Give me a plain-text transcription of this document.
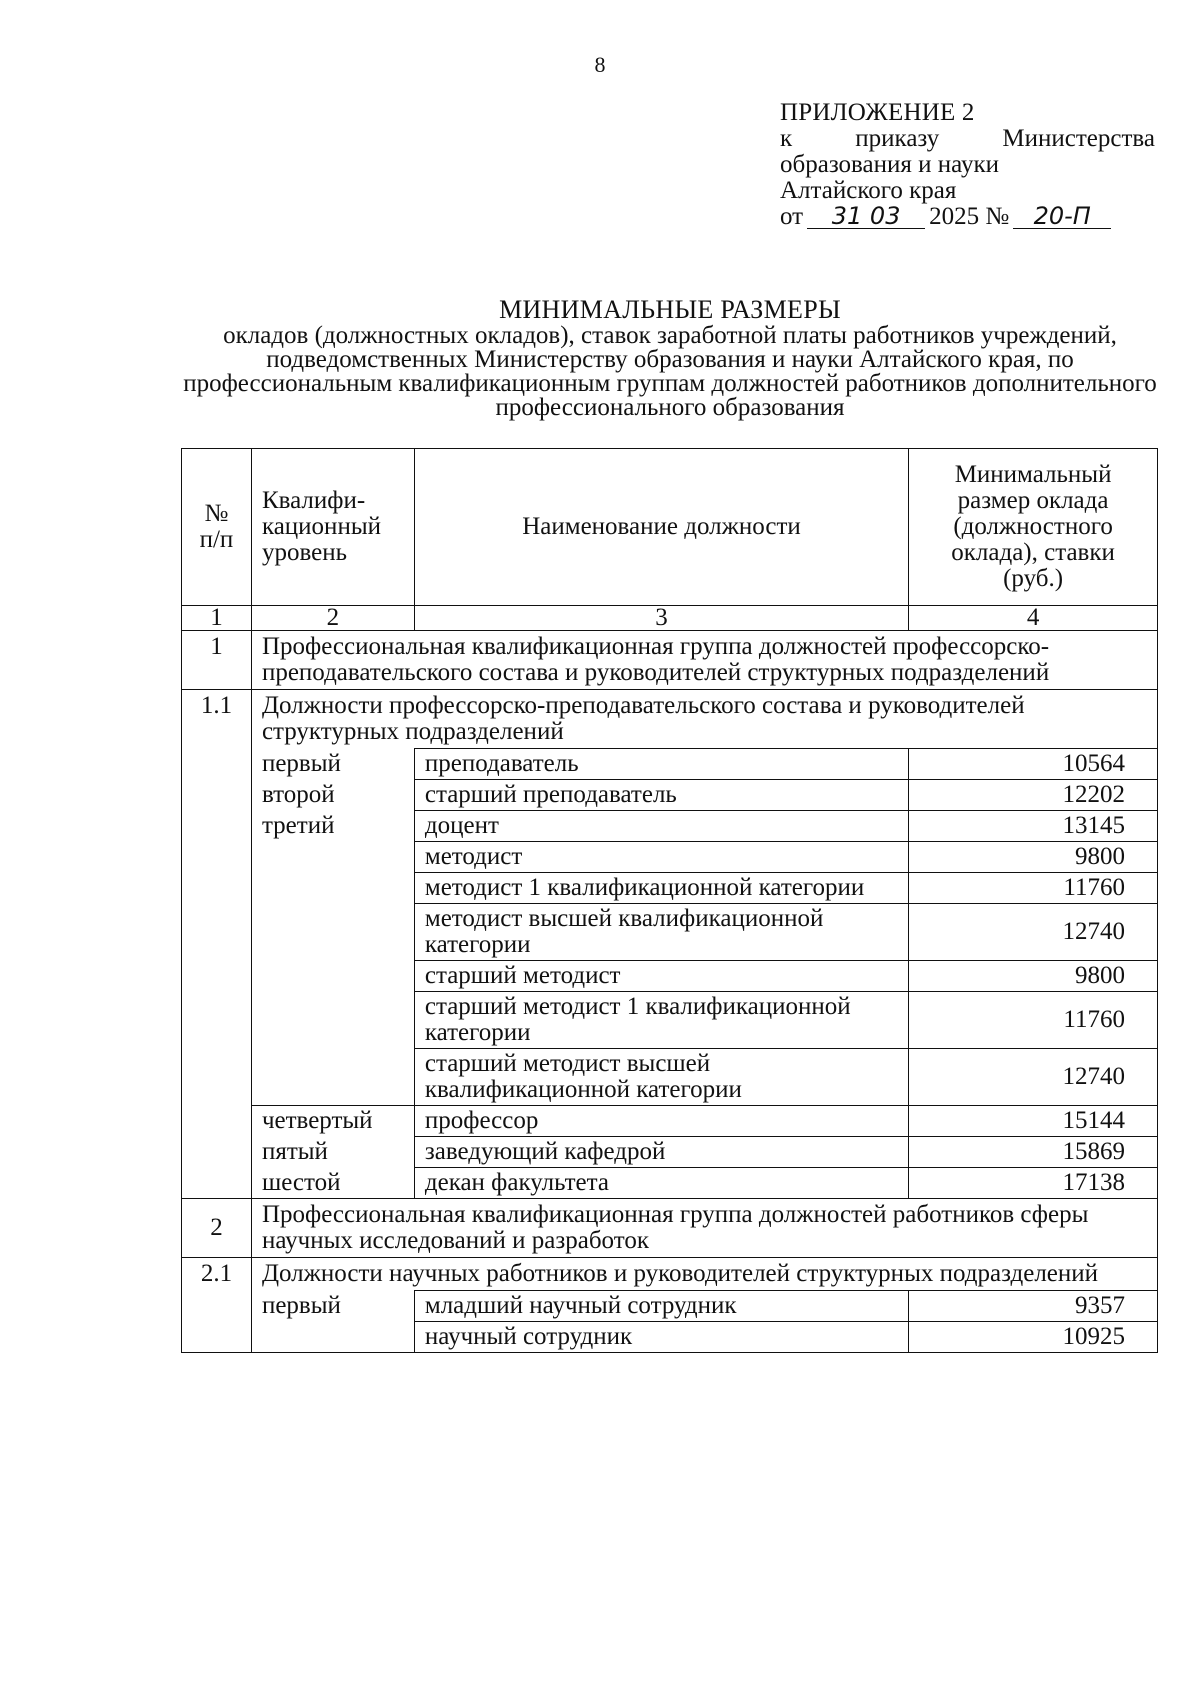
8
ПРИЛОЖЕНИЕ 2
к	приказу	Министерства
образования и науки
Алтайского края
от	31 03	2025 №	20-П
МИНИМАЛЬНЫЕ РАЗМЕРЫ
окладов (должностных окладов), ставок заработной платы работников учреждений, подведомственных Министерству образования и науки Алтайского края, по профессиональным квалификационным группам должностей работников дополнительного профессионального образования
№ п/п	Квалифи-кационный уровень	Наименование должности	Минимальный размер оклада (должностного оклада), ставки (руб.)
1	2	3	4
1	Профессиональная квалификационная группа должностей профессорско-преподавательского состава и руководителей структурных подразделений		
1.1	Должности профессорско-преподавательского состава и руководителей структурных подразделений		
	первый	преподаватель	10564
	второй	старший преподаватель	12202
	третий	доцент	13145
		методист	9800
		методист 1 квалификационной категории	11760
		методист высшей квалификационной категории	12740
		старший методист	9800
		старший методист 1 квалификационной категории	11760
		старший методист высшей квалификационной категории	12740
	четвертый	профессор	15144
	пятый	заведующий кафедрой	15869
	шестой	декан факультета	17138
2	Профессиональная квалификационная группа должностей работников сферы научных исследований и разработок		
2.1	Должности научных работников и руководителей структурных подразделений		
	первый	младший научный сотрудник	9357
		научный сотрудник	10925
